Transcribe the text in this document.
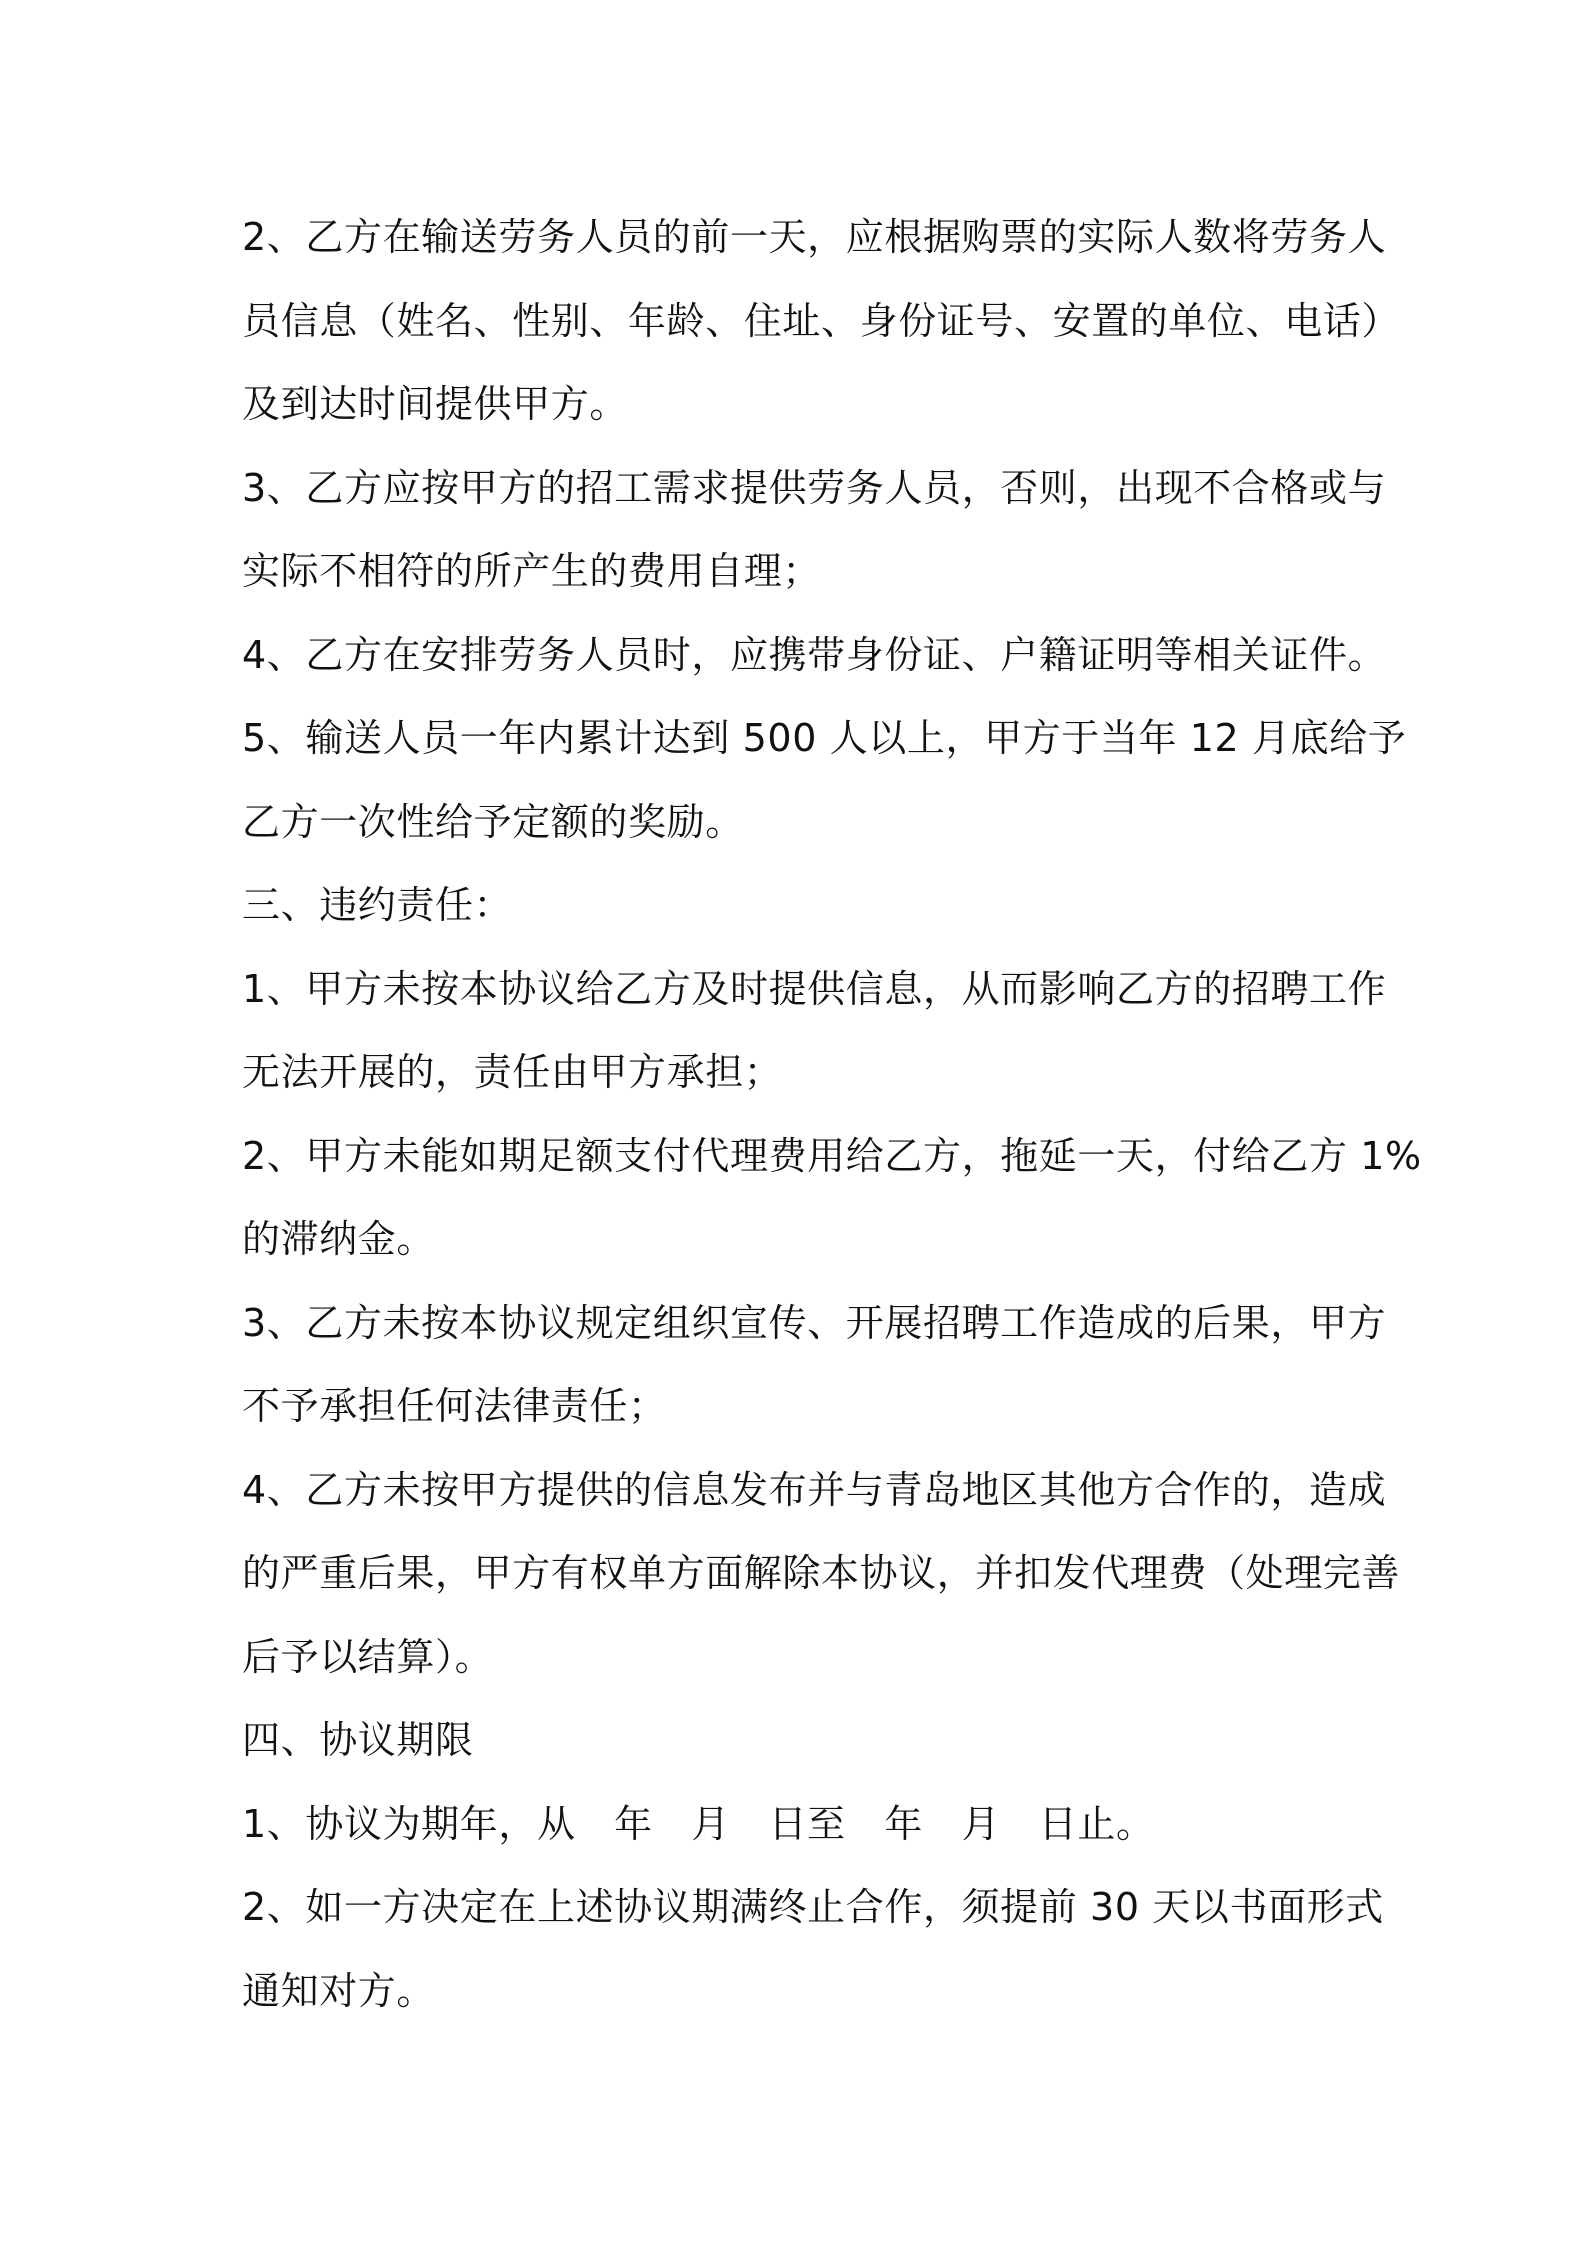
2、乙方在输送劳务人员的前一天，应根据购票的实际人数将劳务人
员信息（姓名、性别、年龄、住址、身份证号、安置的单位、电话）
及到达时间提供甲方。

3、乙方应按甲方的招工需求提供劳务人员，否则，出现不合格或与
实际不相符的所产生的费用自理；

4、乙方在安排劳务人员时，应携带身份证、户籍证明等相关证件。

5、输送人员一年内累计达到 500 人以上，甲方于当年 12 月底给予
乙方一次性给予定额的奖励。

三、违约责任：

1、甲方未按本协议给乙方及时提供信息，从而影响乙方的招聘工作
无法开展的，责任由甲方承担；

2、甲方未能如期足额支付代理费用给乙方，拖延一天，付给乙方 1%
的滞纳金。

3、乙方未按本协议规定组织宣传、开展招聘工作造成的后果，甲方
不予承担任何法律责任；

4、乙方未按甲方提供的信息发布并与青岛地区其他方合作的，造成
的严重后果，甲方有权单方面解除本协议，并扣发代理费（处理完善
后予以结算）。

四、协议期限

1、协议为期年，从　年　月　日至　年　月　日止。

2、如一方决定在上述协议期满终止合作，须提前 30 天以书面形式
通知对方。
